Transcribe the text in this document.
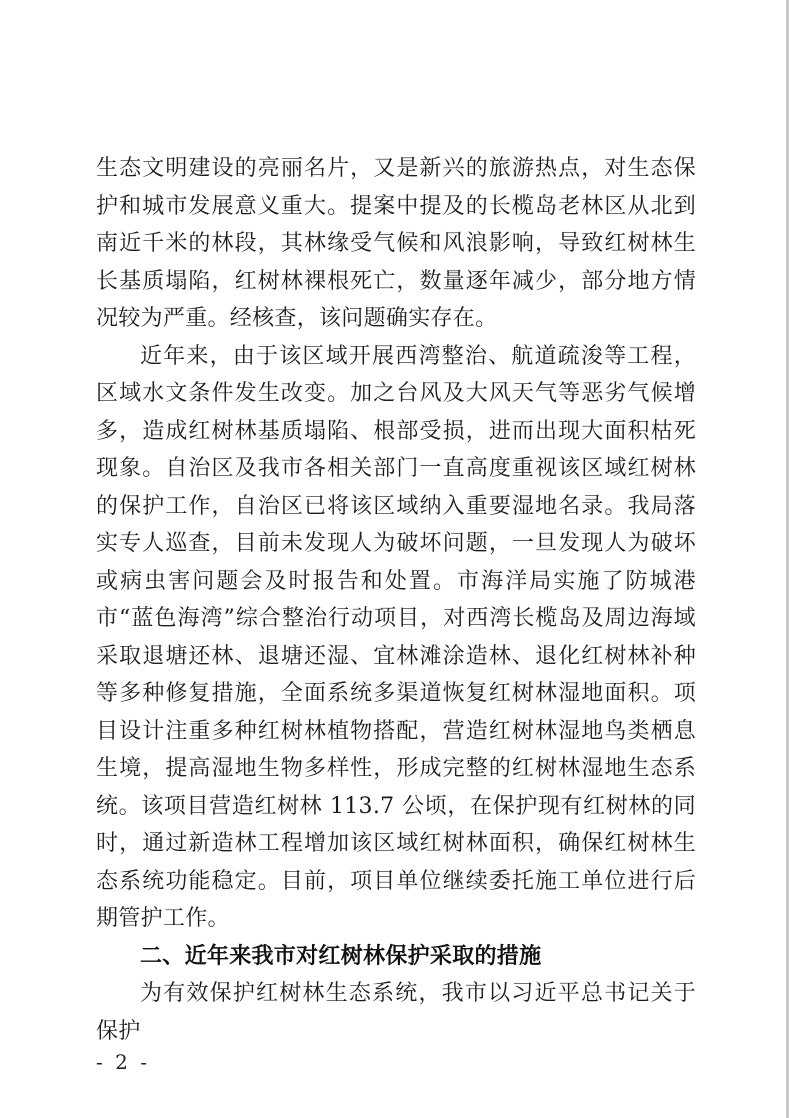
生态文明建设的亮丽名片，又是新兴的旅游热点，对生态保护和城市发展意义重大。提案中提及的长榄岛老林区从北到南近千米的林段，其林缘受气候和风浪影响，导致红树林生长基质塌陷，红树林裸根死亡，数量逐年减少，部分地方情况较为严重。经核查，该问题确实存在。

近年来，由于该区域开展西湾整治、航道疏浚等工程，区域水文条件发生改变。加之台风及大风天气等恶劣气候增多，造成红树林基质塌陷、根部受损，进而出现大面积枯死现象。自治区及我市各相关部门一直高度重视该区域红树林的保护工作，自治区已将该区域纳入重要湿地名录。我局落实专人巡查，目前未发现人为破坏问题，一旦发现人为破坏或病虫害问题会及时报告和处置。市海洋局实施了防城港市“蓝色海湾”综合整治行动项目，对西湾长榄岛及周边海域采取退塘还林、退塘还湿、宜林滩涂造林、退化红树林补种等多种修复措施，全面系统多渠道恢复红树林湿地面积。项目设计注重多种红树林植物搭配，营造红树林湿地鸟类栖息生境，提高湿地生物多样性，形成完整的红树林湿地生态系统。该项目营造红树林 113.7 公顷，在保护现有红树林的同时，通过新造林工程增加该区域红树林面积，确保红树林生态系统功能稳定。目前，项目单位继续委托施工单位进行后期管护工作。

二、近年来我市对红树林保护采取的措施

为有效保护红树林生态系统，我市以习近平总书记关于保护

- 2 -
